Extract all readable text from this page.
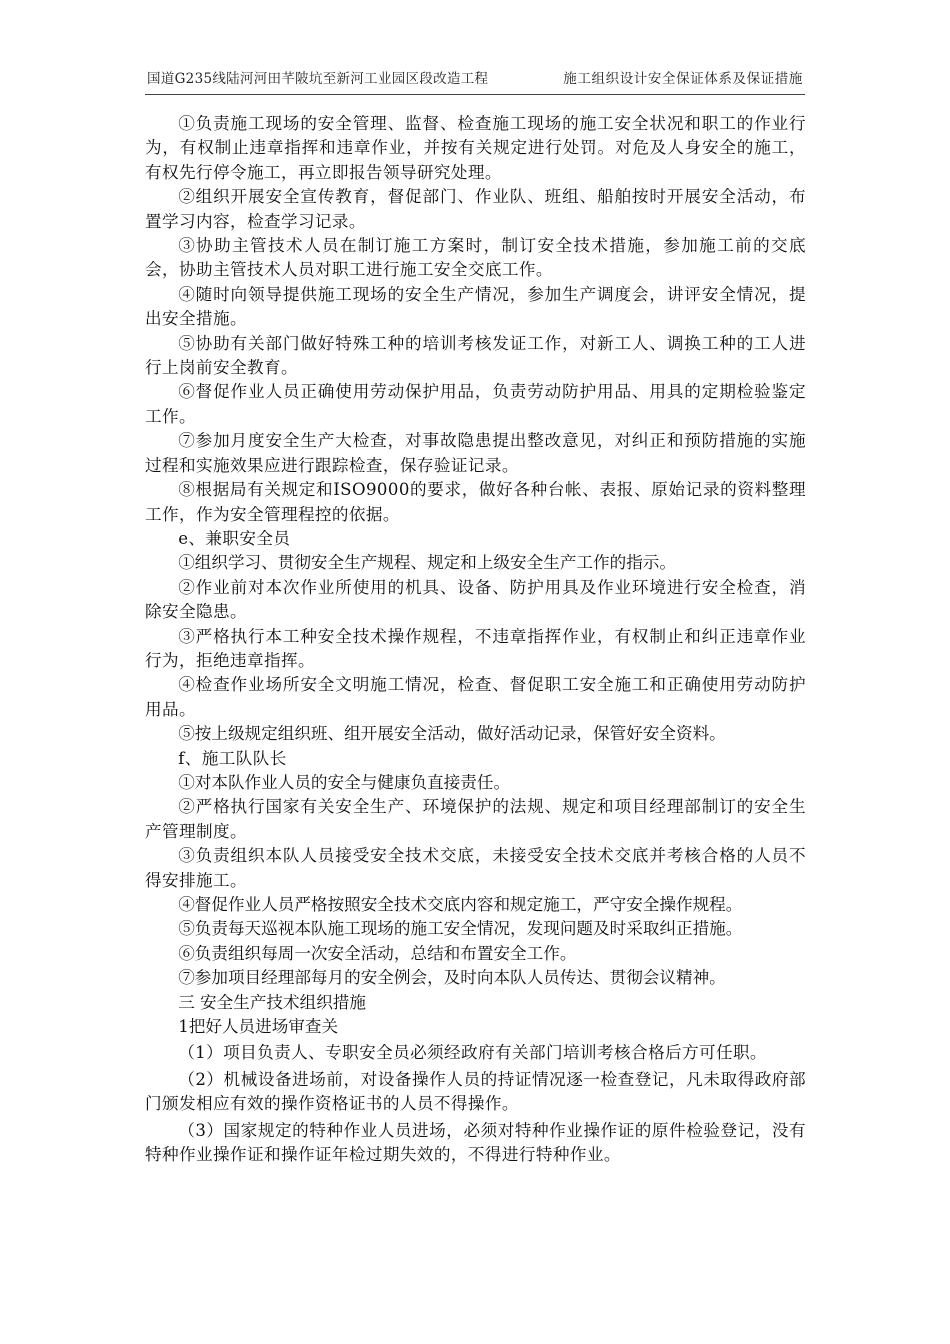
国道G235线陆河河田芊陂坑至新河工业园区段改造工程	施工组织设计安全保证体系及保证措施

①负责施工现场的安全管理、监督、检查施工现场的施工安全状况和职工的作业行为，有权制止违章指挥和违章作业，并按有关规定进行处罚。对危及人身安全的施工，有权先行停令施工，再立即报告领导研究处理。

②组织开展安全宣传教育，督促部门、作业队、班组、船舶按时开展安全活动，布置学习内容，检查学习记录。

③协助主管技术人员在制订施工方案时，制订安全技术措施，参加施工前的交底会，协助主管技术人员对职工进行施工安全交底工作。

④随时向领导提供施工现场的安全生产情况，参加生产调度会，讲评安全情况，提出安全措施。

⑤协助有关部门做好特殊工种的培训考核发证工作，对新工人、调换工种的工人进行上岗前安全教育。

⑥督促作业人员正确使用劳动保护用品，负责劳动防护用品、用具的定期检验鉴定工作。

⑦参加月度安全生产大检查，对事故隐患提出整改意见，对纠正和预防措施的实施过程和实施效果应进行跟踪检查，保存验证记录。

⑧根据局有关规定和ISO9000的要求，做好各种台帐、表报、原始记录的资料整理工作，作为安全管理程控的依据。

e、兼职安全员

①组织学习、贯彻安全生产规程、规定和上级安全生产工作的指示。

②作业前对本次作业所使用的机具、设备、防护用具及作业环境进行安全检查，消除安全隐患。

③严格执行本工种安全技术操作规程，不违章指挥作业，有权制止和纠正违章作业行为，拒绝违章指挥。

④检查作业场所安全文明施工情况，检查、督促职工安全施工和正确使用劳动防护用品。

⑤按上级规定组织班、组开展安全活动，做好活动记录，保管好安全资料。

f、施工队队长

①对本队作业人员的安全与健康负直接责任。

②严格执行国家有关安全生产、环境保护的法规、规定和项目经理部制订的安全生产管理制度。

③负责组织本队人员接受安全技术交底，未接受安全技术交底并考核合格的人员不得安排施工。

④督促作业人员严格按照安全技术交底内容和规定施工，严守安全操作规程。

⑤负责每天巡视本队施工现场的施工安全情况，发现问题及时采取纠正措施。

⑥负责组织每周一次安全活动，总结和布置安全工作。

⑦参加项目经理部每月的安全例会，及时向本队人员传达、贯彻会议精神。

三 安全生产技术组织措施

1把好人员进场审查关

（1）项目负责人、专职安全员必须经政府有关部门培训考核合格后方可任职。

（2）机械设备进场前，对设备操作人员的持证情况逐一检查登记，凡未取得政府部门颁发相应有效的操作资格证书的人员不得操作。

（3）国家规定的特种作业人员进场，必须对特种作业操作证的原件检验登记，没有特种作业操作证和操作证年检过期失效的，不得进行特种作业。
